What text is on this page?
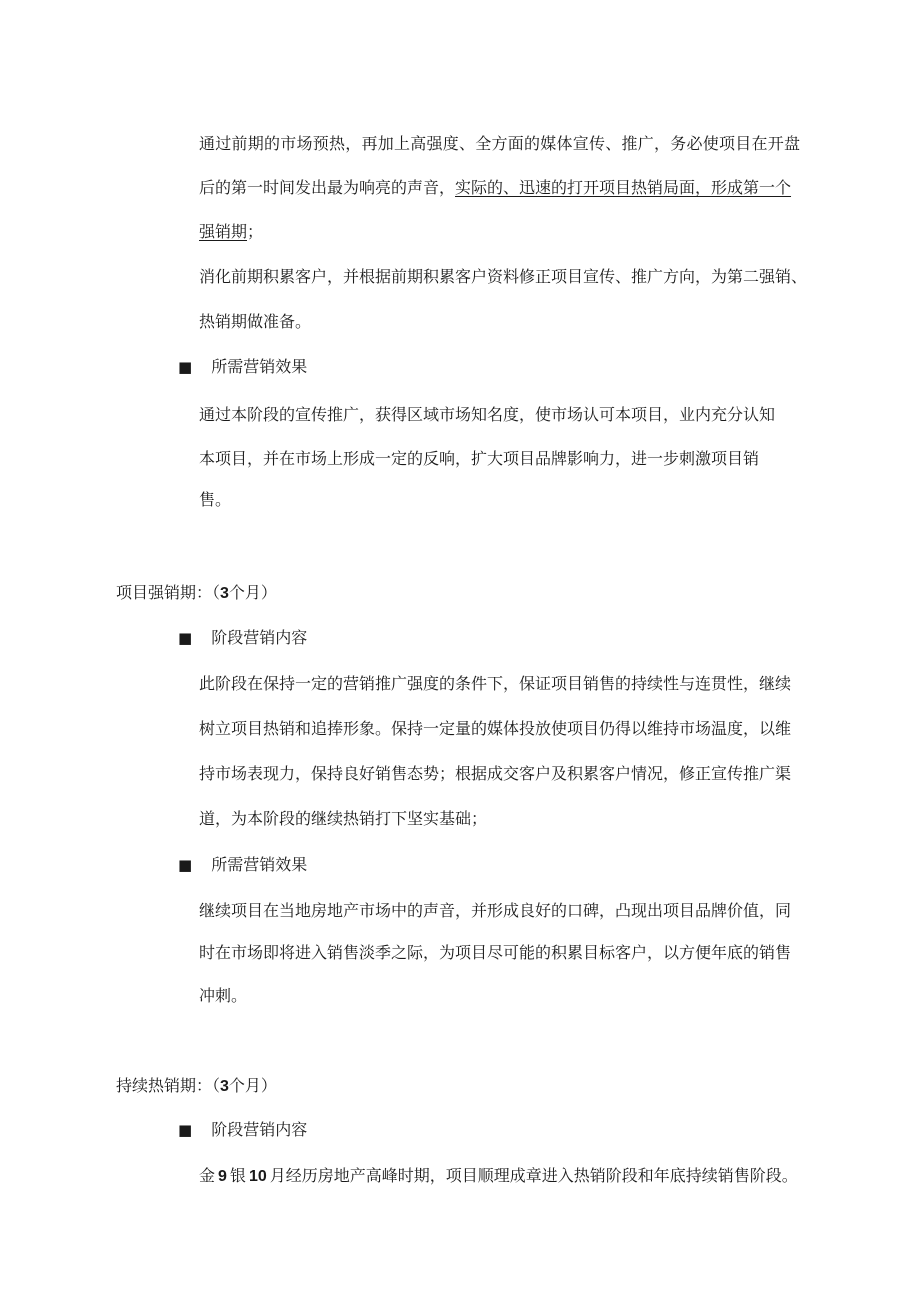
通过前期的市场预热，再加上高强度、全方面的媒体宣传、推广，务必使项目在开盘
后的第一时间发出最为响亮的声音，实际的、迅速的打开项目热销局面，形成第一个
强销期；
消化前期积累客户，并根据前期积累客户资料修正项目宣传、推广方向，为第二强销、
热销期做准备。
■ 所需营销效果
通过本阶段的宣传推广，获得区域市场知名度，使市场认可本项目，业内充分认知
本项目，并在市场上形成一定的反响，扩大项目品牌影响力，进一步刺激项目销
售。
项目强销期：（3个月）
■ 阶段营销内容
此阶段在保持一定的营销推广强度的条件下，保证项目销售的持续性与连贯性，继续
树立项目热销和追捧形象。保持一定量的媒体投放使项目仍得以维持市场温度，以维
持市场表现力，保持良好销售态势；根据成交客户及积累客户情况，修正宣传推广渠
道，为本阶段的继续热销打下坚实基础；
■ 所需营销效果
继续项目在当地房地产市场中的声音，并形成良好的口碑，凸现出项目品牌价值，同
时在市场即将进入销售淡季之际，为项目尽可能的积累目标客户，以方便年底的销售
冲刺。
持续热销期：（3个月）
■ 阶段营销内容
金 9 银 10 月经历房地产高峰时期，项目顺理成章进入热销阶段和年底持续销售阶段。
